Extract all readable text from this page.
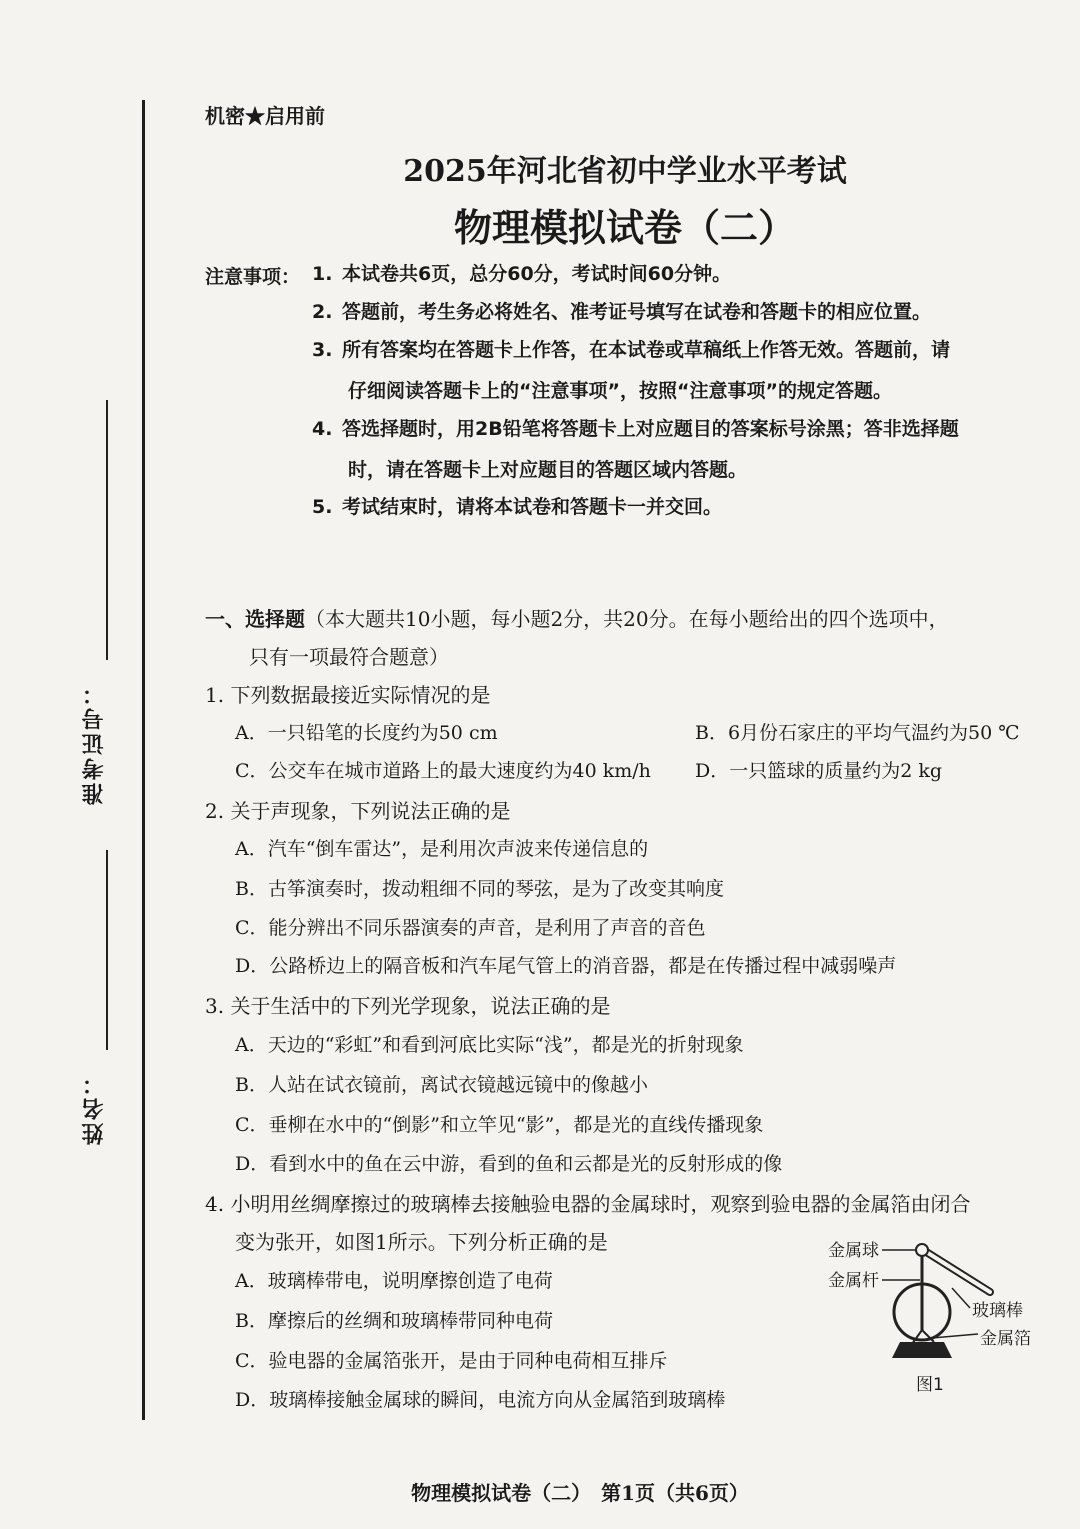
准考证号：
姓名：
机密★启用前
2025年河北省初中学业水平考试
物理模拟试卷（二）
注意事项： 1. 本试卷共6页，总分60分，考试时间60分钟。
2. 答题前，考生务必将姓名、准考证号填写在试卷和答题卡的相应位置。
3. 所有答案均在答题卡上作答，在本试卷或草稿纸上作答无效。答题前，请
仔细阅读答题卡上的“注意事项”，按照“注意事项”的规定答题。
4. 答选择题时，用2B铅笔将答题卡上对应题目的答案标号涂黑；答非选择题
时，请在答题卡上对应题目的答题区域内答题。
5. 考试结束时，请将本试卷和答题卡一并交回。
一、选择题（本大题共10小题，每小题2分，共20分。在每小题给出的四个选项中，
只有一项最符合题意）
1. 下列数据最接近实际情况的是
A．一只铅笔的长度约为50 cm	B．6月份石家庄的平均气温约为50 ℃
C．公交车在城市道路上的最大速度约为40 km/h D．一只篮球的质量约为2 kg
2. 关于声现象，下列说法正确的是
A．汽车“倒车雷达”，是利用次声波来传递信息的
B．古筝演奏时，拨动粗细不同的琴弦，是为了改变其响度
C．能分辨出不同乐器演奏的声音，是利用了声音的音色
D．公路桥边上的隔音板和汽车尾气管上的消音器，都是在传播过程中减弱噪声
3. 关于生活中的下列光学现象，说法正确的是
A．天边的“彩虹”和看到河底比实际“浅”，都是光的折射现象
B．人站在试衣镜前，离试衣镜越远镜中的像越小
C．垂柳在水中的“倒影”和立竿见“影”，都是光的直线传播现象
D．看到水中的鱼在云中游，看到的鱼和云都是光的反射形成的像
4. 小明用丝绸摩擦过的玻璃棒去接触验电器的金属球时，观察到验电器的金属箔由闭合
变为张开，如图1所示。下列分析正确的是
A．玻璃棒带电，说明摩擦创造了电荷
B．摩擦后的丝绸和玻璃棒带同种电荷
C．验电器的金属箔张开，是由于同种电荷相互排斥
D．玻璃棒接触金属球的瞬间，电流方向从金属箔到玻璃棒
金属球
金属杆
玻璃棒
金属箔
图1
物理模拟试卷（二）　第1页（共6页）
